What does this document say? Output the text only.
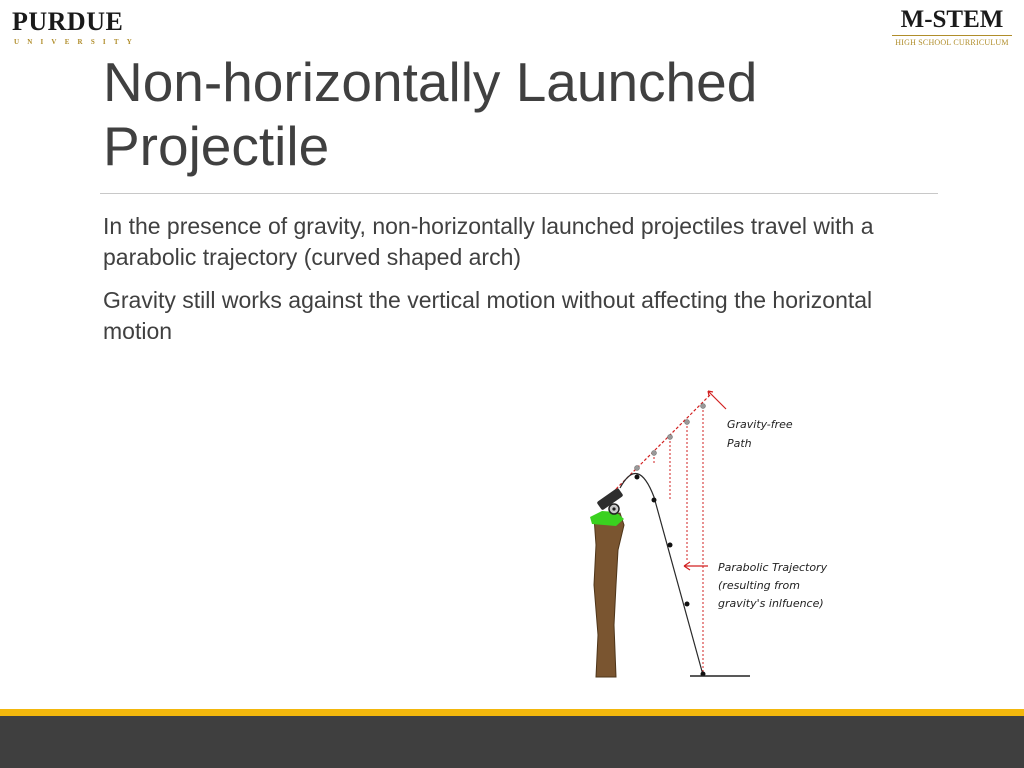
PURDUE
UNIVERSITY
M-STEM
HIGH SCHOOL CURRICULUM
Non-horizontally Launched Projectile

In the presence of gravity, non-horizontally launched projectiles travel with a parabolic trajectory (curved shaped arch)

Gravity still works against the vertical motion without affecting the horizontal motion

Gravity-free
Path
Parabolic Trajectory
(resulting from
gravity's inlfuence)
